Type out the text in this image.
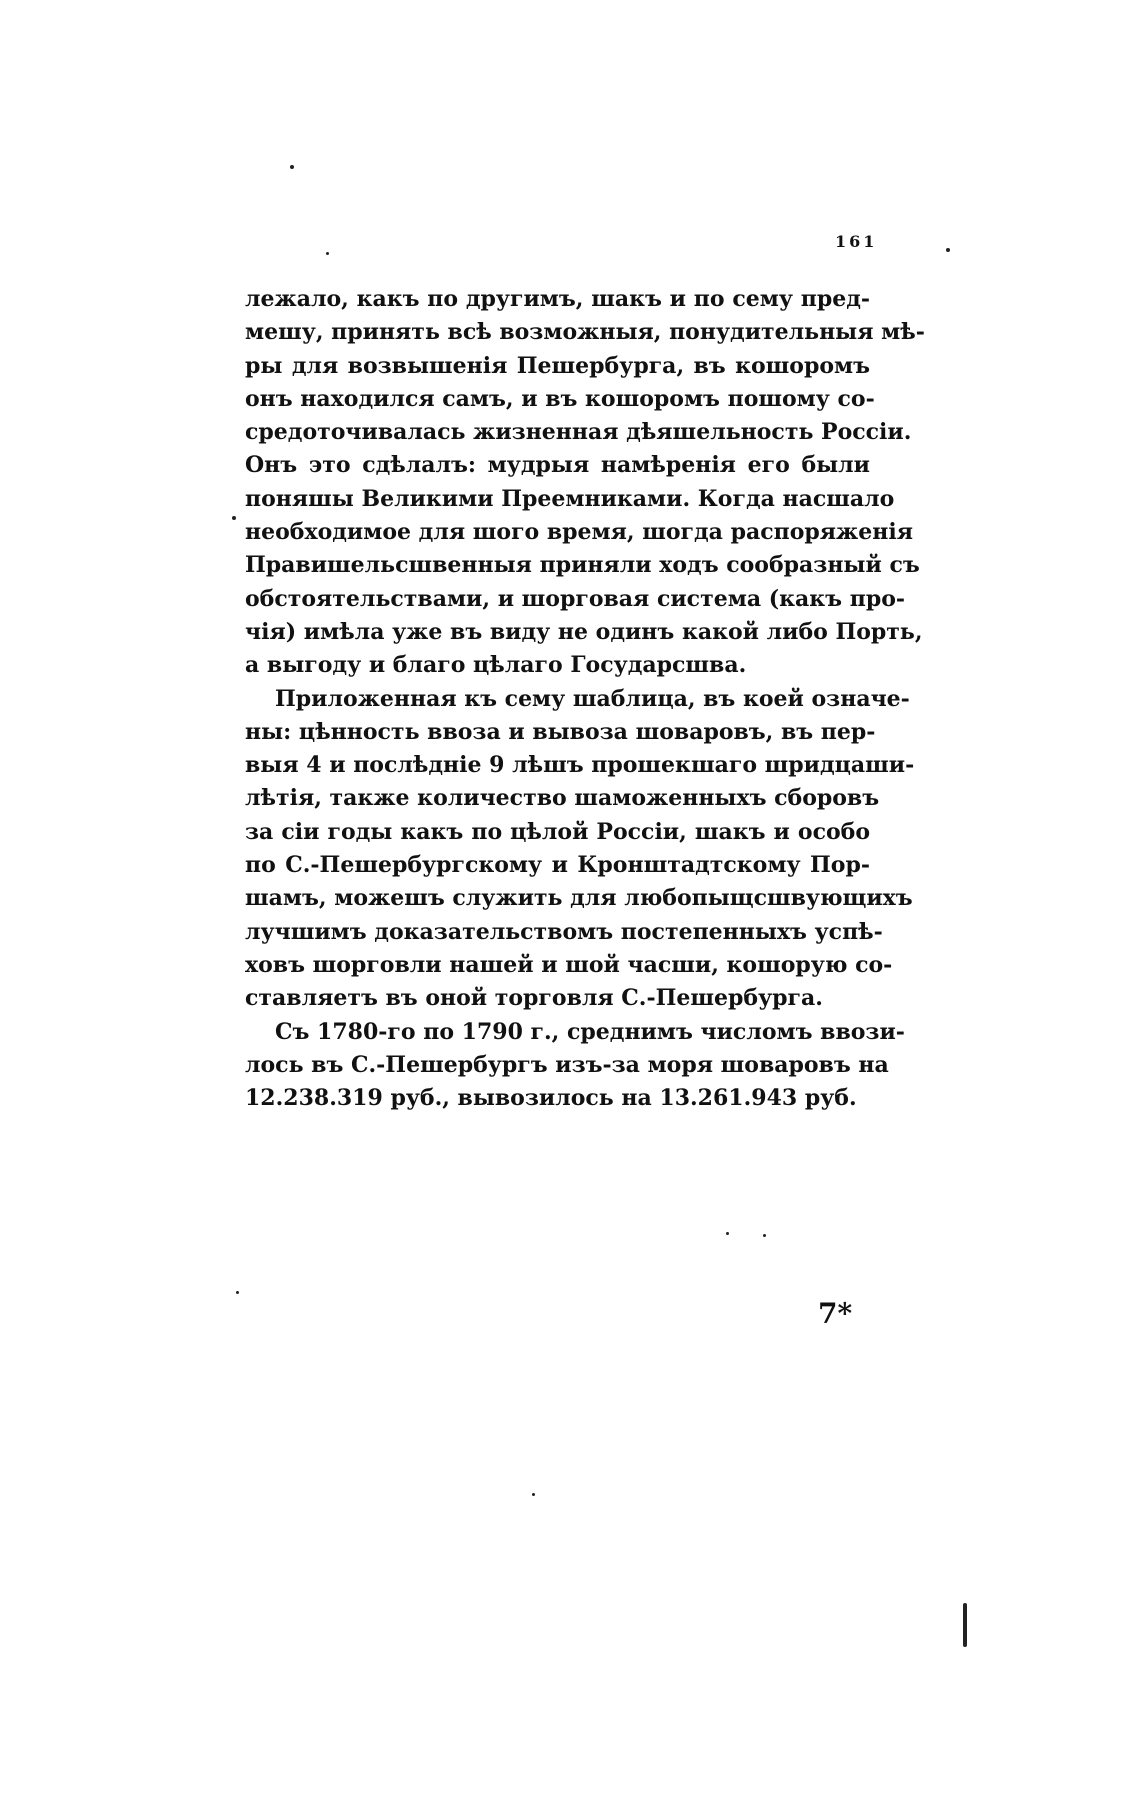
161
лежало, какъ по другимъ, шакъ и по сему пред-
мешу, принять всѣ возможныя, понудительныя мѣ-
ры для возвышенія Пешербурга, въ кошоромъ
онъ находился самъ, и въ кошоромъ пошому со-
средоточивалась жизненная дѣяшельность Россіи.
Онъ это сдѣлалъ: мудрыя намѣренія его были
поняшы Великими Преемниками. Когда насшало
необходимое для шого время, шогда распоряженія
Правишельсшвенныя приняли ходъ сообразный съ
обстоятельствами, и шорговая система (какъ про-
чія) имѣла уже въ виду не одинъ какой либо Порть,
а выгоду и благо цѣлаго Государсшва.
Приложенная къ сему шаблица, въ коей означе-
ны: цѣнность ввоза и вывоза шоваровъ, въ пер-
выя 4 и послѣдніе 9 лѣшъ прошекшаго шридцаши-
лѣтія, также количество шаможенныхъ сборовъ
за сіи годы какъ по цѣлой Россіи, шакъ и особо
по С.-Пешербургскому и Кронштадтскому Пор-
шамъ, можешъ служить для любопыщсшвующихъ
лучшимъ доказательствомъ постепенныхъ успѣ-
ховъ шорговли нашей и шой часши, кошорую со-
ставляетъ въ оной торговля С.-Пешербурга.
Съ 1780-го по 1790 г., среднимъ числомъ ввози-
лось въ С.-Пешербургъ изъ-за моря шоваровъ на
12.238.319 руб., вывозилось на 13.261.943 руб.
7*
